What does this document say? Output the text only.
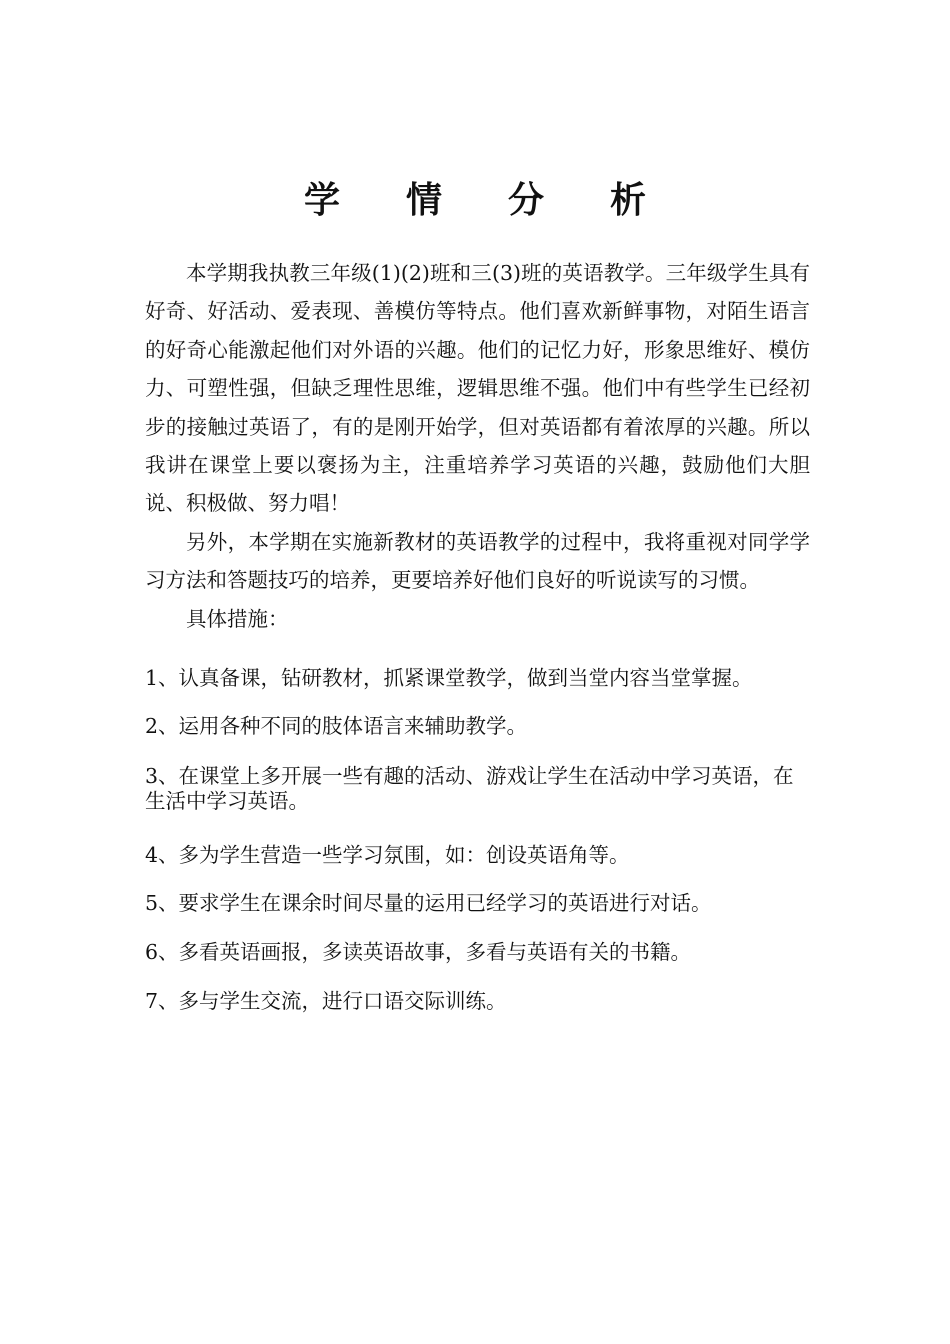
学 情 分 析

本学期我执教三年级(1)(2)班和三(3)班的英语教学。三年级学生具有好奇、好活动、爱表现、善模仿等特点。他们喜欢新鲜事物，对陌生语言的好奇心能激起他们对外语的兴趣。他们的记忆力好，形象思维好、模仿力、可塑性强，但缺乏理性思维，逻辑思维不强。他们中有些学生已经初步的接触过英语了，有的是刚开始学，但对英语都有着浓厚的兴趣。所以我讲在课堂上要以褒扬为主，注重培养学习英语的兴趣，鼓励他们大胆说、积极做、努力唱！

另外，本学期在实施新教材的英语教学的过程中，我将重视对同学学习方法和答题技巧的培养，更要培养好他们良好的听说读写的习惯。

具体措施：

1、认真备课，钻研教材，抓紧课堂教学，做到当堂内容当堂掌握。

2、运用各种不同的肢体语言来辅助教学。

3、在课堂上多开展一些有趣的活动、游戏让学生在活动中学习英语，在生活中学习英语。

4、多为学生营造一些学习氛围，如：创设英语角等。

5、要求学生在课余时间尽量的运用已经学习的英语进行对话。

6、多看英语画报，多读英语故事，多看与英语有关的书籍。

7、多与学生交流，进行口语交际训练。
